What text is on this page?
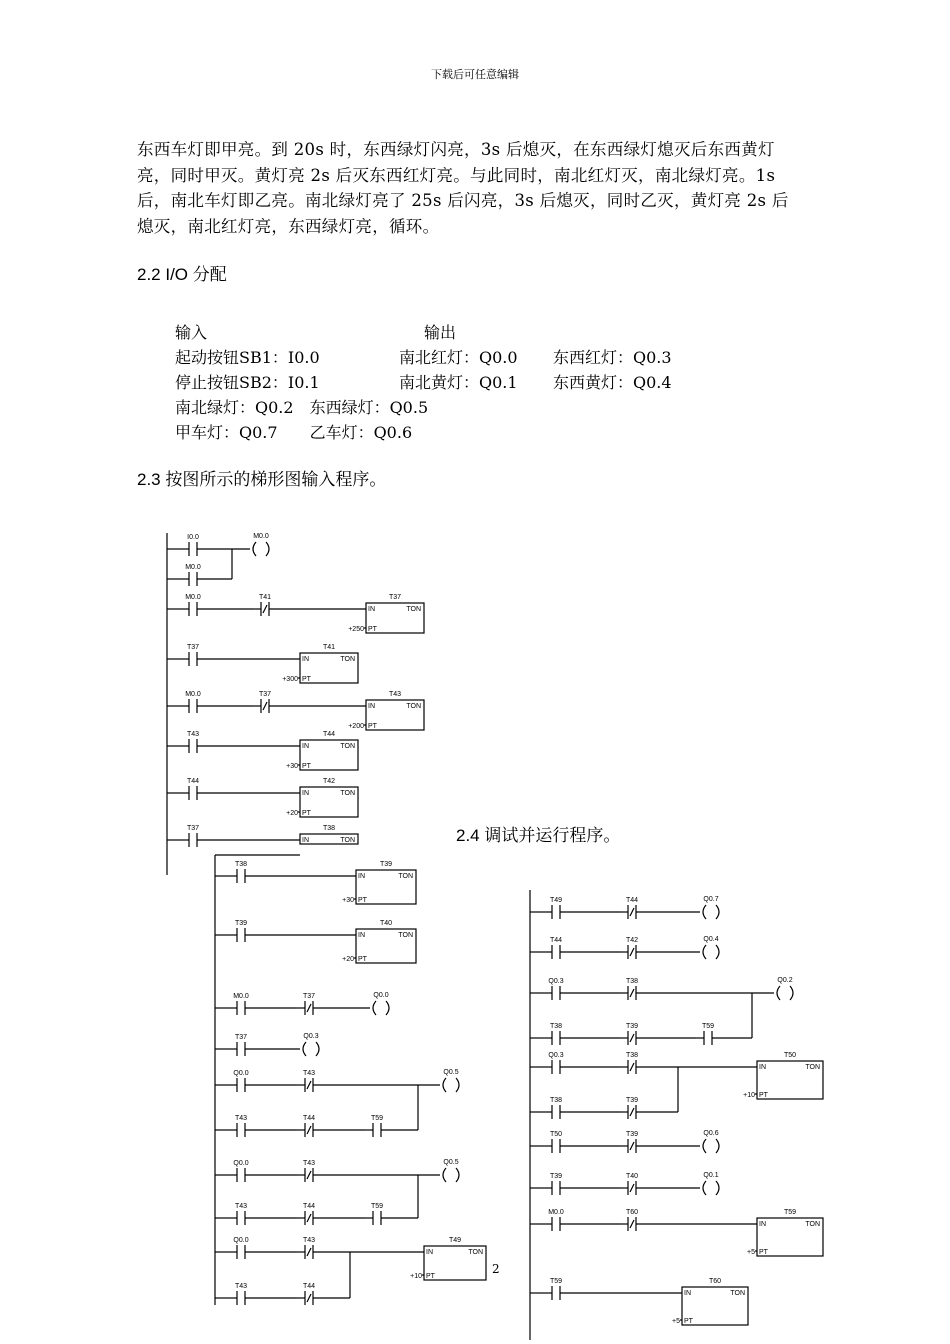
下载后可任意编辑
东西车灯即甲亮。到 20s 时，东西绿灯闪亮，3s 后熄灭，在东西绿灯熄灭后东西黄灯
亮，同时甲灭。黄灯亮 2s 后灭东西红灯亮。与此同时，南北红灯灭，南北绿灯亮。1s
后，南北车灯即乙亮。南北绿灯亮了 25s 后闪亮，3s 后熄灭，同时乙灭，黄灯亮 2s 后
熄灭，南北红灯亮，东西绿灯亮，循环。
2.2 I/O 分配
输入	输出
起动按钮SB1：I0.0	南北红灯：Q0.0 东西红灯：Q0.3
停止按钮SB2：I0.1	南北黄灯：Q0.1 东西黄灯：Q0.4
南北绿灯：Q0.2　东西绿灯：Q0.5
甲车灯：Q0.7　　乙车灯：Q0.6
2.3 按图所示的梯形图输入程序。
2.4 调试并运行程序。
I0.0	M0.0
M0.0
M0.0	T41	T37
IN	TON
PT
+250
T37	T41
IN	TON
PT
+300
M0.0	T37	T43
IN	TON
PT
+200
T43	T44
IN	TON
PT
+30
T44	T42
IN	TON
PT
+20
T37	T38
IN	TON
T38	T39
IN	TON
PT
+30
T39	T40
IN	TON
PT
+20
M0.0	T37	Q0.0
T37	Q0.3
Q0.0	T43	Q0.5
T43	T44	T59
Q0.0	T43	Q0.5
T43	T44	T59
Q0.0	T43	T49
IN	TON
PT
+10
T43	T44
T49	T44	Q0.7
T44	T42	Q0.4
Q0.3	T38	Q0.2
T38	T39	T59
Q0.3	T38	T50
IN	TON
PT
+10
T38	T39
T50	T39	Q0.6
T39	T40	Q0.1
M0.0	T60	T59
IN	TON
PT
+5
T59	T60
IN	TON
PT
+5
2
